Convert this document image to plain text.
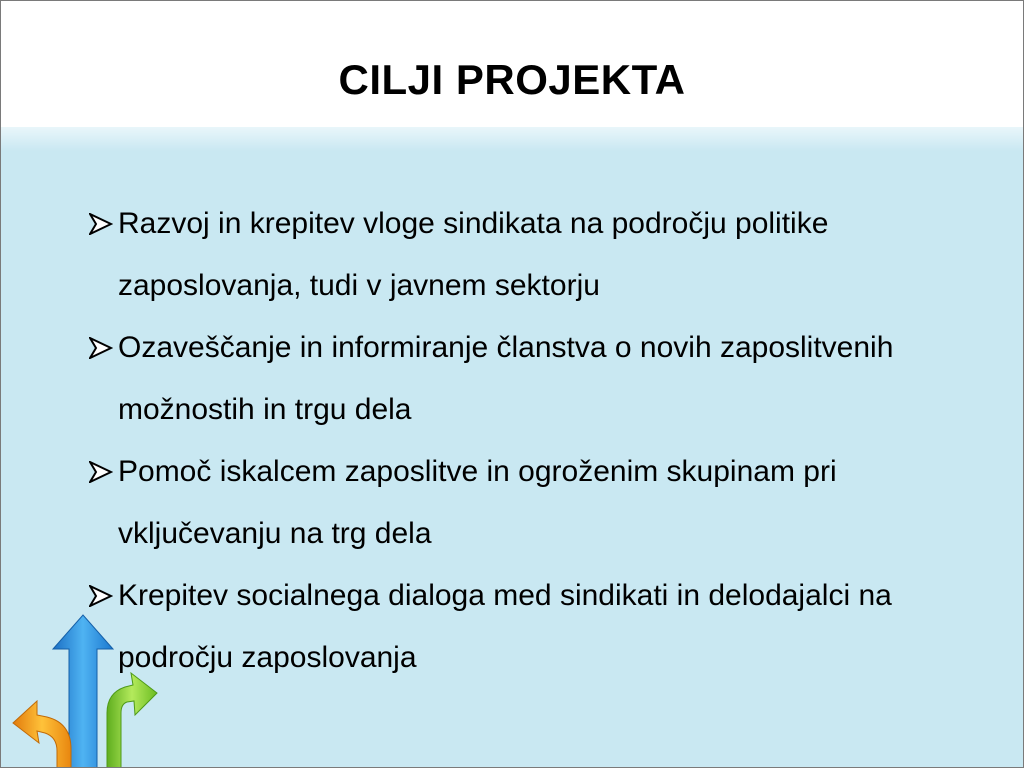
CILJI PROJEKTA
Razvoj in krepitev vloge sindikata na področju politike zaposlovanja, tudi v javnem sektorju
Ozaveščanje in informiranje članstva o novih zaposlitvenih možnostih in trgu dela
Pomoč iskalcem zaposlitve in ogroženim skupinam pri vključevanju na trg dela
Krepitev socialnega dialoga med sindikati in delodajalci na področju zaposlovanja
